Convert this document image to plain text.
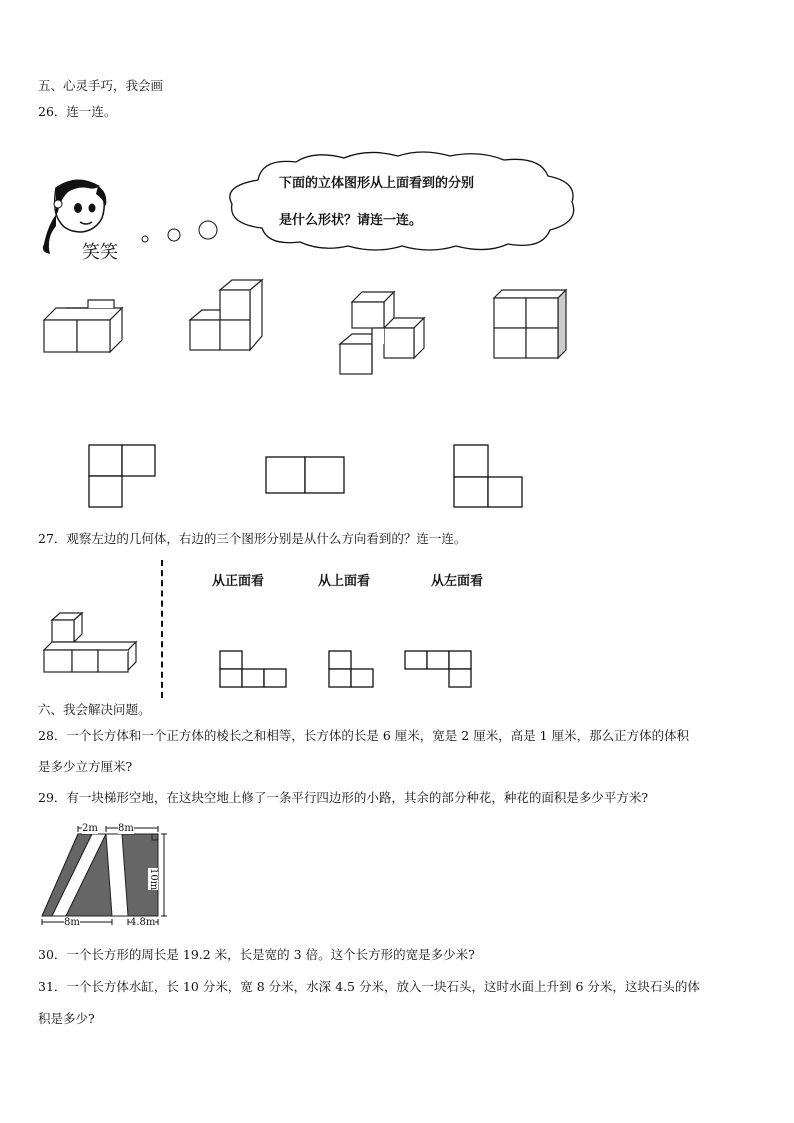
五、心灵手巧，我会画
26．连一连。
笑笑
下面的立体图形从上面看到的分别
是什么形状？请连一连。
27．观察左边的几何体，右边的三个图形分别是从什么方向看到的？连一连。
从正面看	从上面看	从左面看
六、我会解决问题。
28．一个长方体和一个正方体的棱长之和相等，长方体的长是 6 厘米，宽是 2 厘米，高是 1 厘米，那么正方体的体积
是多少立方厘米?
29．有一块梯形空地，在这块空地上修了一条平行四边形的小路，其余的部分种花，种花的面积是多少平方米?
2m 8m
8m	4.8m
10m
30．一个长方形的周长是 19.2 米，长是宽的 3 倍。这个长方形的宽是多少米?
31．一个长方体水缸，长 10 分米，宽 8 分米，水深 4.5 分米，放入一块石头，这时水面上升到 6 分米，这块石头的体
积是多少?
